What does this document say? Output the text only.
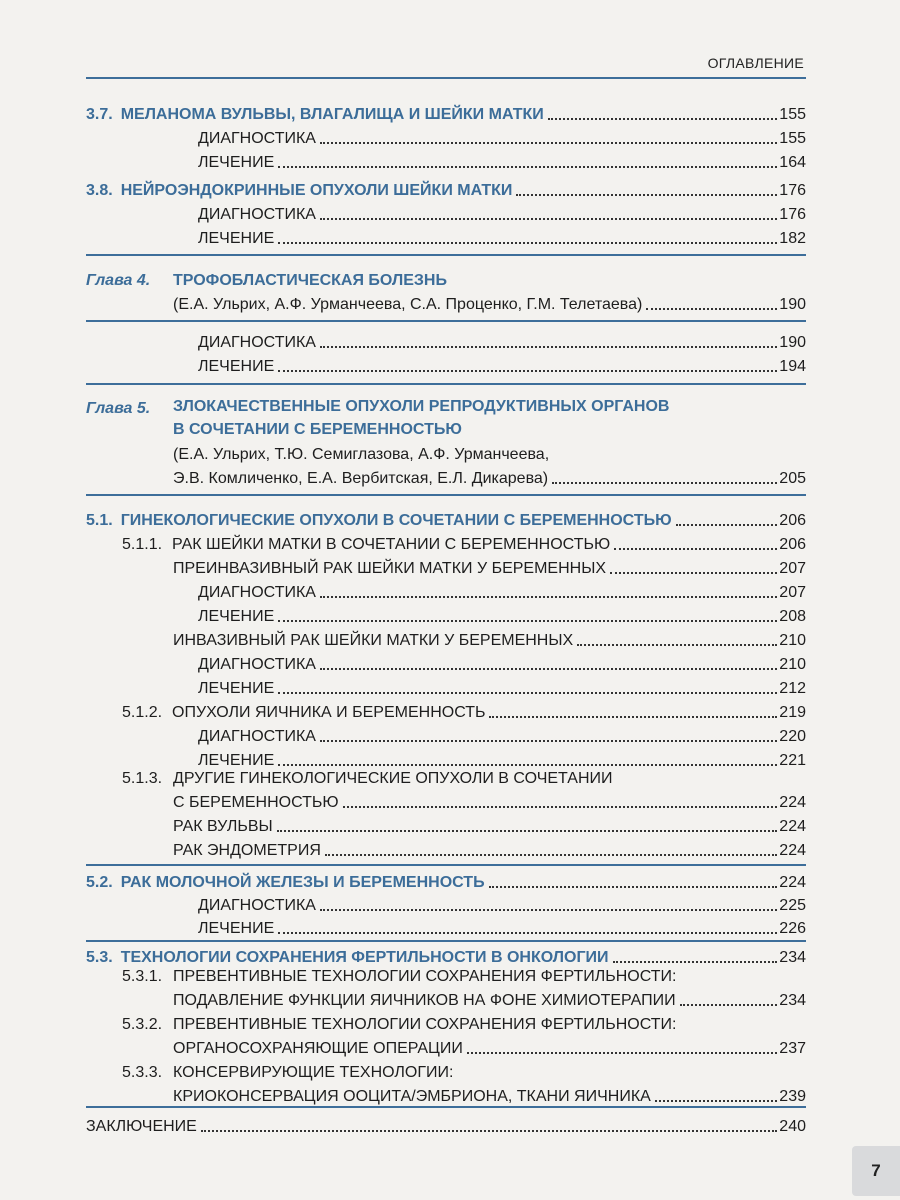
ОГЛАВЛЕНИЕ
3.7. МЕЛАНОМА ВУЛЬВЫ, ВЛАГАЛИЩА И ШЕЙКИ МАТКИ	155
ДИАГНОСТИКА	155
ЛЕЧЕНИЕ	164
3.8. НЕЙРОЭНДОКРИННЫЕ ОПУХОЛИ ШЕЙКИ МАТКИ	176
ДИАГНОСТИКА	176
ЛЕЧЕНИЕ	182
Глава 4. ТРОФОБЛАСТИЧЕСКАЯ БОЛЕЗНЬ
(Е.А. Ульрих, А.Ф. Урманчеева, С.А. Проценко, Г.М. Телетаева)	190
ДИАГНОСТИКА	190
ЛЕЧЕНИЕ	194
Глава 5. ЗЛОКАЧЕСТВЕННЫЕ ОПУХОЛИ РЕПРОДУКТИВНЫХ ОРГАНОВ
В СОЧЕТАНИИ С БЕРЕМЕННОСТЬЮ
(Е.А. Ульрих, Т.Ю. Семиглазова, А.Ф. Урманчеева,
Э.В. Комличенко, Е.А. Вербитская, Е.Л. Дикарева)	205
5.1. ГИНЕКОЛОГИЧЕСКИЕ ОПУХОЛИ В СОЧЕТАНИИ С БЕРЕМЕННОСТЬЮ	206
5.1.1. РАК ШЕЙКИ МАТКИ В СОЧЕТАНИИ С БЕРЕМЕННОСТЬЮ	206
ПРЕИНВАЗИВНЫЙ РАК ШЕЙКИ МАТКИ У БЕРЕМЕННЫХ	207
ДИАГНОСТИКА	207
ЛЕЧЕНИЕ	208
ИНВАЗИВНЫЙ РАК ШЕЙКИ МАТКИ У БЕРЕМЕННЫХ	210
ДИАГНОСТИКА	210
ЛЕЧЕНИЕ	212
5.1.2. ОПУХОЛИ ЯИЧНИКА И БЕРЕМЕННОСТЬ	219
ДИАГНОСТИКА	220
ЛЕЧЕНИЕ	221
5.1.3. ДРУГИЕ ГИНЕКОЛОГИЧЕСКИЕ ОПУХОЛИ В СОЧЕТАНИИ
С БЕРЕМЕННОСТЬЮ	224
РАК ВУЛЬВЫ	224
РАК ЭНДОМЕТРИЯ	224
5.2. РАК МОЛОЧНОЙ ЖЕЛЕЗЫ И БЕРЕМЕННОСТЬ	224
ДИАГНОСТИКА	225
ЛЕЧЕНИЕ	226
5.3. ТЕХНОЛОГИИ СОХРАНЕНИЯ ФЕРТИЛЬНОСТИ В ОНКОЛОГИИ	234
5.3.1. ПРЕВЕНТИВНЫЕ ТЕХНОЛОГИИ СОХРАНЕНИЯ ФЕРТИЛЬНОСТИ:
ПОДАВЛЕНИЕ ФУНКЦИИ ЯИЧНИКОВ НА ФОНЕ ХИМИОТЕРАПИИ	234
5.3.2. ПРЕВЕНТИВНЫЕ ТЕХНОЛОГИИ СОХРАНЕНИЯ ФЕРТИЛЬНОСТИ:
ОРГАНОСОХРАНЯЮЩИЕ ОПЕРАЦИИ	237
5.3.3. КОНСЕРВИРУЮЩИЕ ТЕХНОЛОГИИ:
КРИОКОНСЕРВАЦИЯ ООЦИТА/ЭМБРИОНА, ТКАНИ ЯИЧНИКА	239
ЗАКЛЮЧЕНИЕ	240
7
